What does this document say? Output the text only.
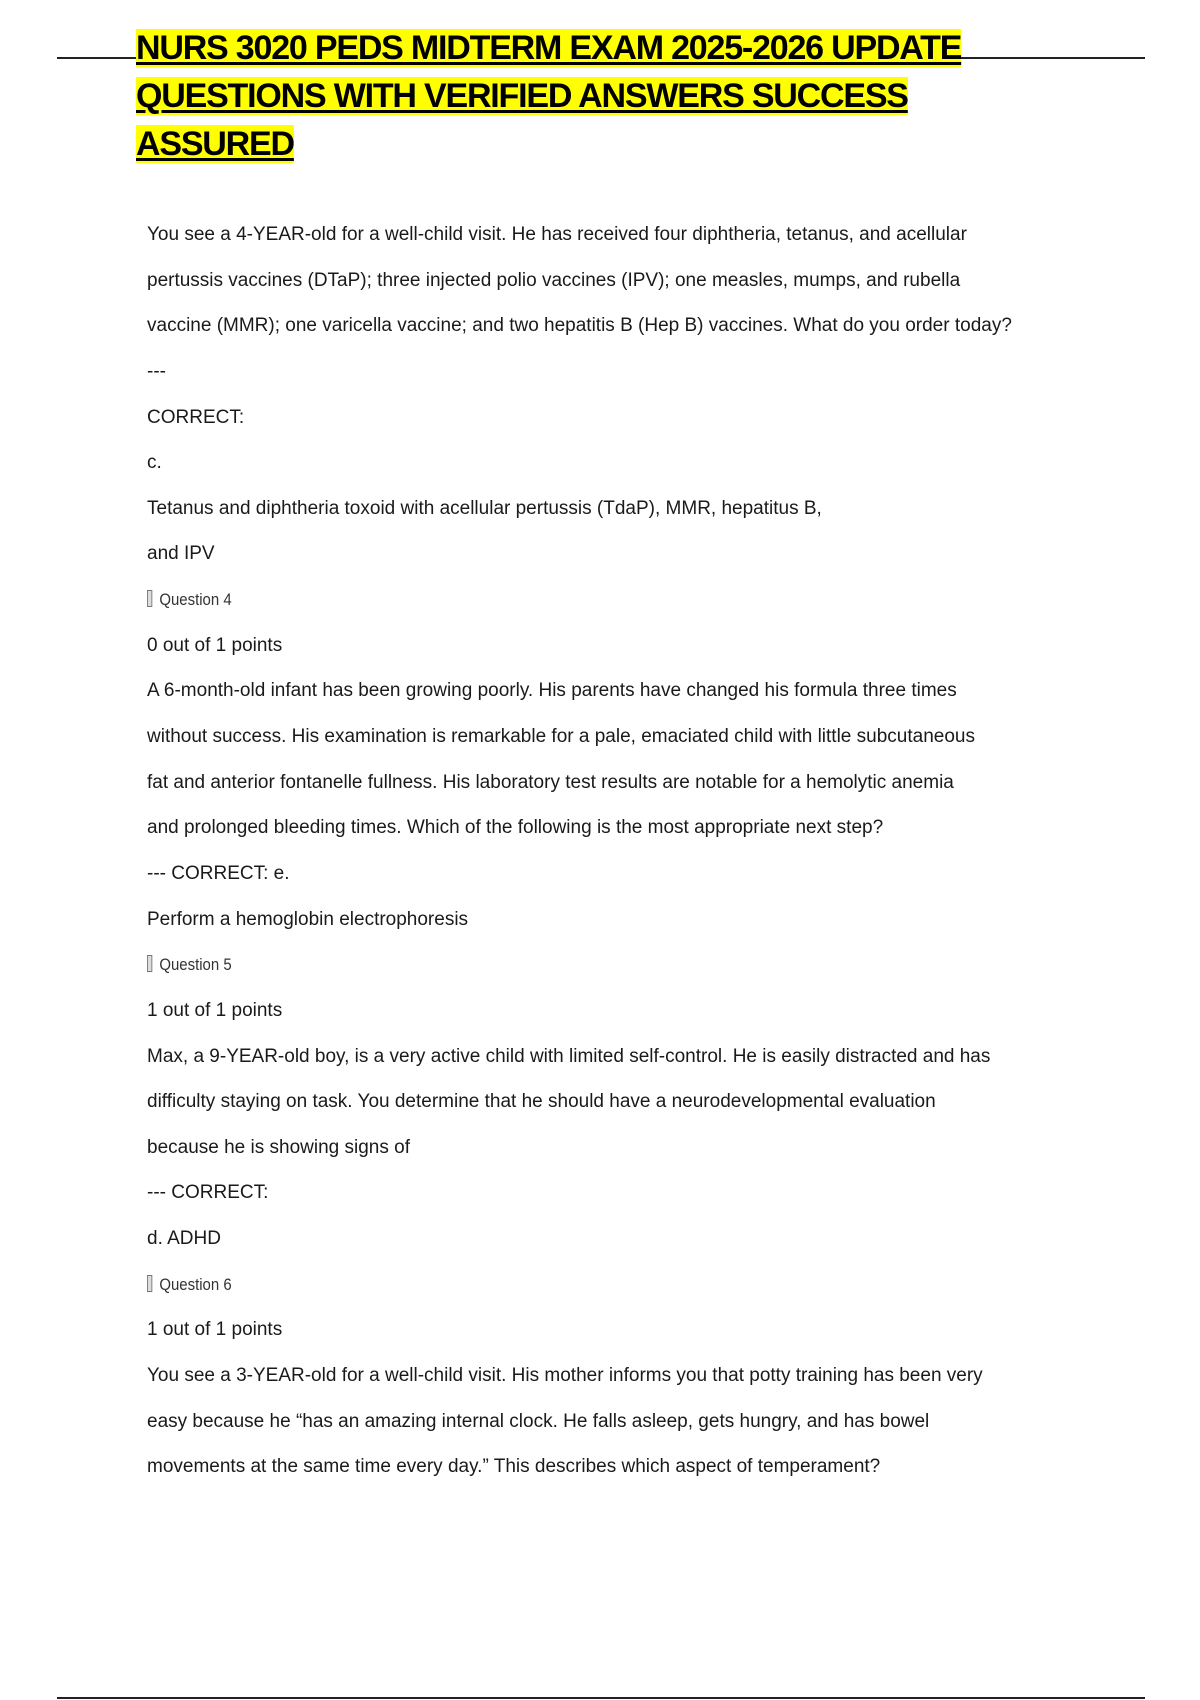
NURS 3020 PEDS MIDTERM EXAM 2025-2026 UPDATE
QUESTIONS WITH VERIFIED ANSWERS SUCCESS
ASSURED
You see a 4-YEAR-old for a well-child visit. He has received four diphtheria, tetanus, and acellular
pertussis vaccines (DTaP); three injected polio vaccines (IPV); one measles, mumps, and rubella
vaccine (MMR); one varicella vaccine; and two hepatitis B (Hep B) vaccines. What do you order today?
---
CORRECT:
c.
Tetanus and diphtheria toxoid with acellular pertussis (TdaP), MMR, hepatitus B,
and IPV
Question 4
0 out of 1 points
A 6-month-old infant has been growing poorly. His parents have changed his formula three times
without success. His examination is remarkable for a pale, emaciated child with little subcutaneous
fat and anterior fontanelle fullness. His laboratory test results are notable for a hemolytic anemia
and prolonged bleeding times. Which of the following is the most appropriate next step?
--- CORRECT: e.
Perform a hemoglobin electrophoresis
Question 5
1 out of 1 points
Max, a 9-YEAR-old boy, is a very active child with limited self-control. He is easily distracted and has
difficulty staying on task. You determine that he should have a neurodevelopmental evaluation
because he is showing signs of
--- CORRECT:
d. ADHD
Question 6
1 out of 1 points
You see a 3-YEAR-old for a well-child visit. His mother informs you that potty training has been very
easy because he “has an amazing internal clock. He falls asleep, gets hungry, and has bowel
movements at the same time every day.” This describes which aspect of temperament?
